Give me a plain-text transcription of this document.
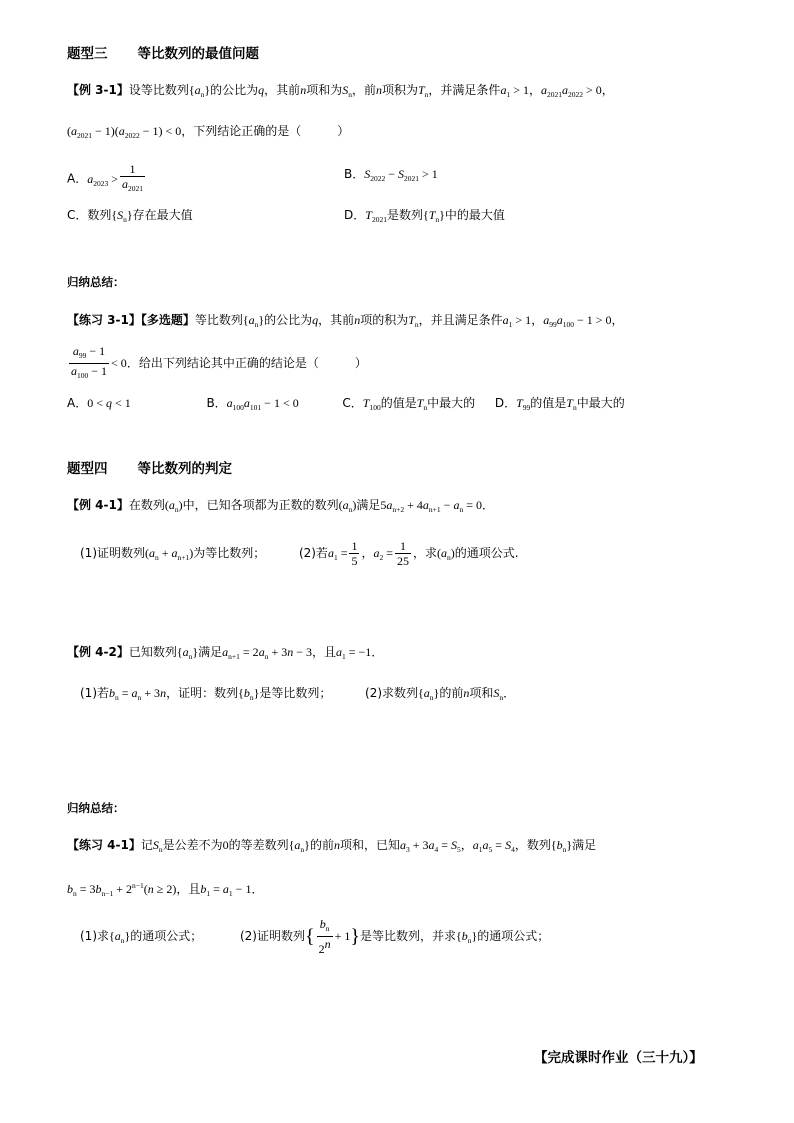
题型三 等比数列的最值问题
【例 3-1】设等比数列$\{a_n\}$的公比为q，其前n项和为$S_n$，前n项积为$T_n$，并满足条件$a_1 > 1$，$a_{2021}a_{2022} > 0$，
$(a_{2021} - 1)(a_{2022} - 1) < 0$，下列结论正确的是（　　　）
A．$a_{2023} > \frac{1}{a_{2021}}$	B．$S_{2022} - S_{2021} > 1$
C．数列$\{S_n\}$存在最大值	D．$T_{2021}$是数列$\{T_n\}$中的最大值
归纳总结：
【练习 3-1】【多选题】等比数列$\{a_n\}$的公比为q，其前n项的积为$T_n$，并且满足条件$a_1 > 1$，$a_{99}a_{100} - 1 > 0$，
$\frac{a_{99} - 1}{a_{100} - 1} < 0$．给出下列结论其中正确的结论是（　　　）
A．0 < q < 1	B．$a_{100}a_{101} - 1 < 0$	C．$T_{100}$的值是$T_n$中最大的 D．$T_{99}$的值是$T_n$中最大的
题型四 等比数列的判定
【例 4-1】在数列$(a_n)$中，已知各项都为正数的数列$(a_n)$满足$5a_{n+2} + 4a_{n+1} - a_n = 0$．
(1)证明数列$(a_n + a_{n+1})$为等比数列；	(2)若$a_1 = \frac{1}{5}$ ，$a_2 = \frac{1}{25}$ ，求$(a_n)$的通项公式.
【例 4-2】已知数列$\{a_n\}$满足$a_{n+1} = 2a_n + 3n - 3$，且$a_1 = -1$．
(1)若$b_n = a_n + 3n$，证明：数列$\{b_n\}$是等比数列；	(2)求数列$\{a_n\}$的前n项和$S_n$．
归纳总结：
【练习 4-1】记$S_n$是公差不为0的等差数列$\{a_n\}$的前n项和，已知$a_3 + 3a_4 = S_5$，$a_1a_5 = S_4$，数列$\{b_n\}$满足
$b_n = 3b_{n-1} + 2^{n-1}(n \ge 2)$，且$b_1 = a_1 - 1$．
(1)求$\{a_n\}$的通项公式；	(2)证明数列{ $\frac{b_n}{2^n} + 1$}是等比数列，并求$\{b_n\}$的通项公式；
【完成课时作业（三十九）】
